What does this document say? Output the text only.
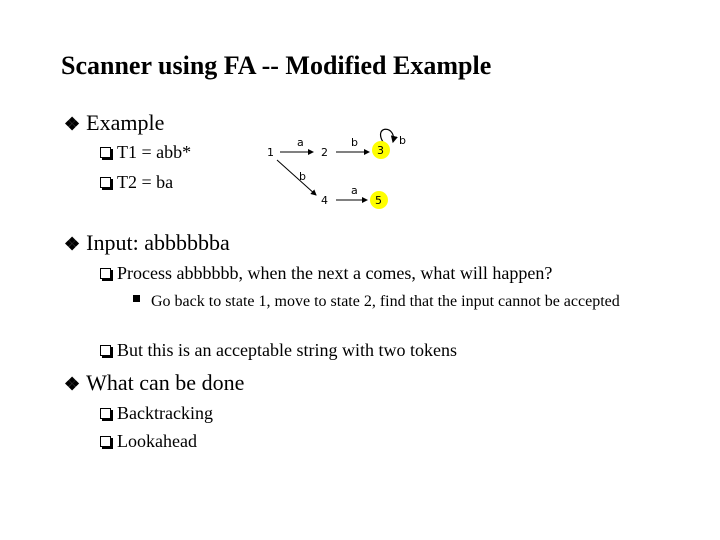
Scanner using FA -- Modified Example
❖ Example
T1 = abb*
T2 = ba
a	b	b
b
a
1	2	3
4	5
❖ Input: abbbbbba
Process abbbbbb, when the next a comes, what will happen?
Go back to state 1, move to state 2, find that the input cannot be accepted
But this is an acceptable string with two tokens
❖ What can be done
Backtracking
Lookahead
